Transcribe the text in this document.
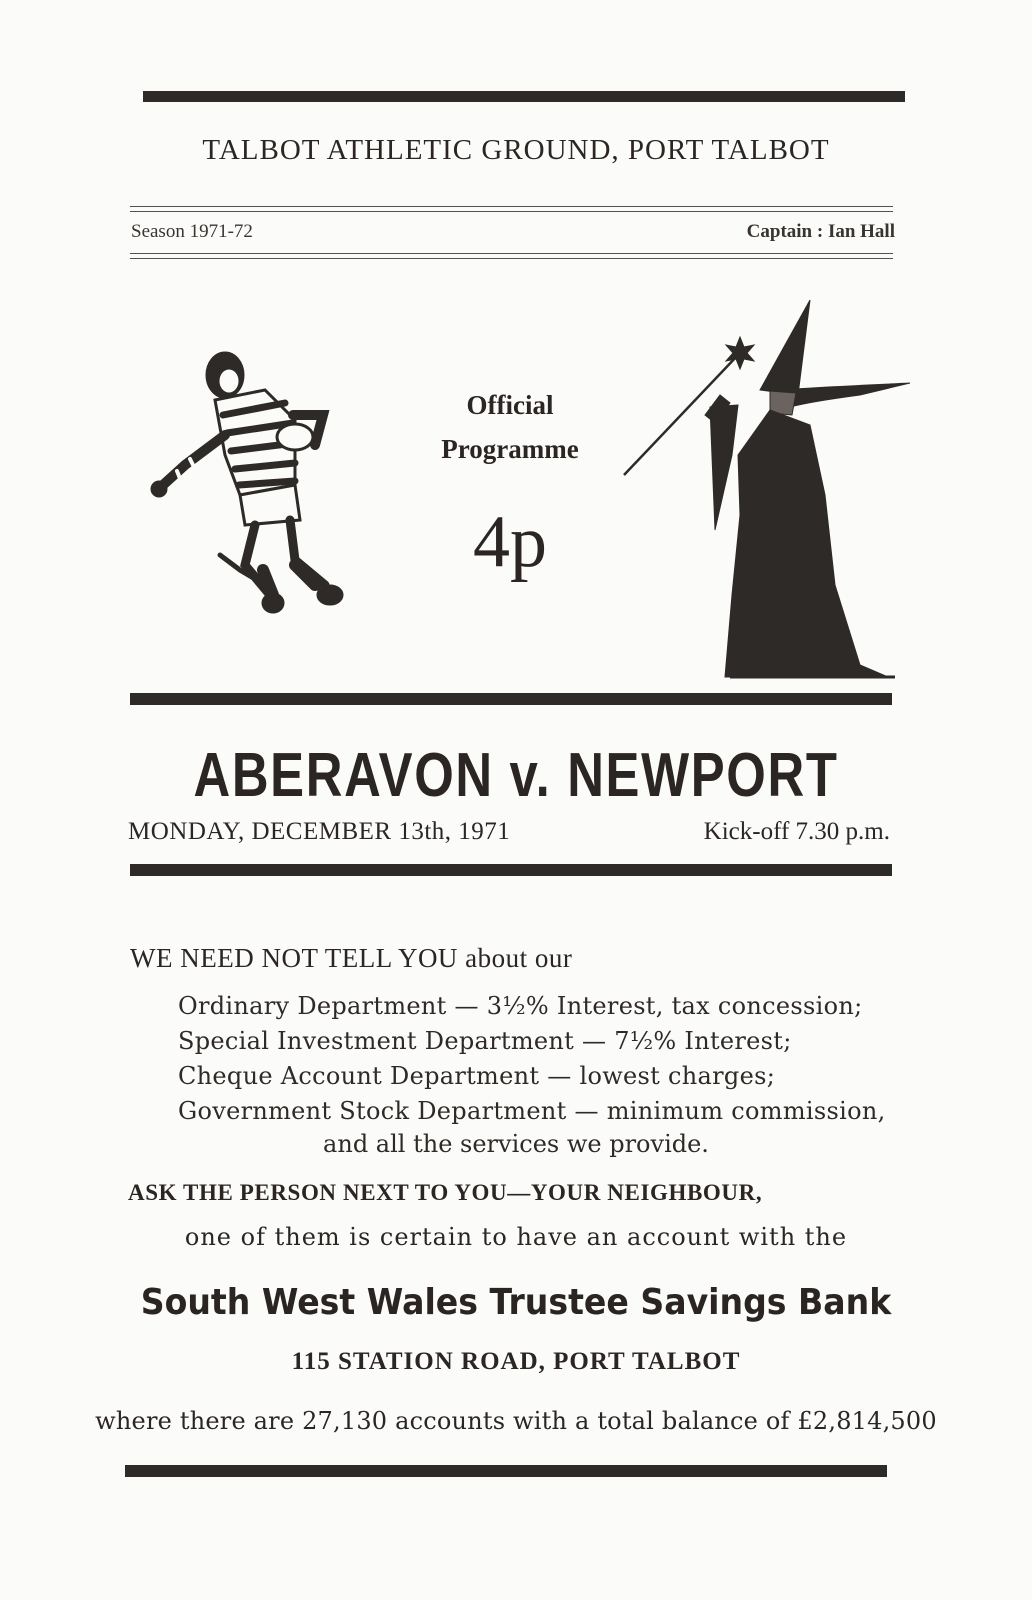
TALBOT ATHLETIC GROUND, PORT TALBOT
Season 1971-72	Captain : Ian Hall
Official
Programme
4p
ABERAVON v. NEWPORT
MONDAY, DECEMBER 13th, 1971	Kick-off 7.30 p.m.
WE NEED NOT TELL YOU about our
Ordinary Department — 3½% Interest, tax concession;
Special Investment Department — 7½% Interest;
Cheque Account Department — lowest charges;
Government Stock Department — minimum commission,
and all the services we provide.
ASK THE PERSON NEXT TO YOU—YOUR NEIGHBOUR,
one of them is certain to have an account with the
South West Wales Trustee Savings Bank
115 STATION ROAD, PORT TALBOT
where there are 27,130 accounts with a total balance of £2,814,500
